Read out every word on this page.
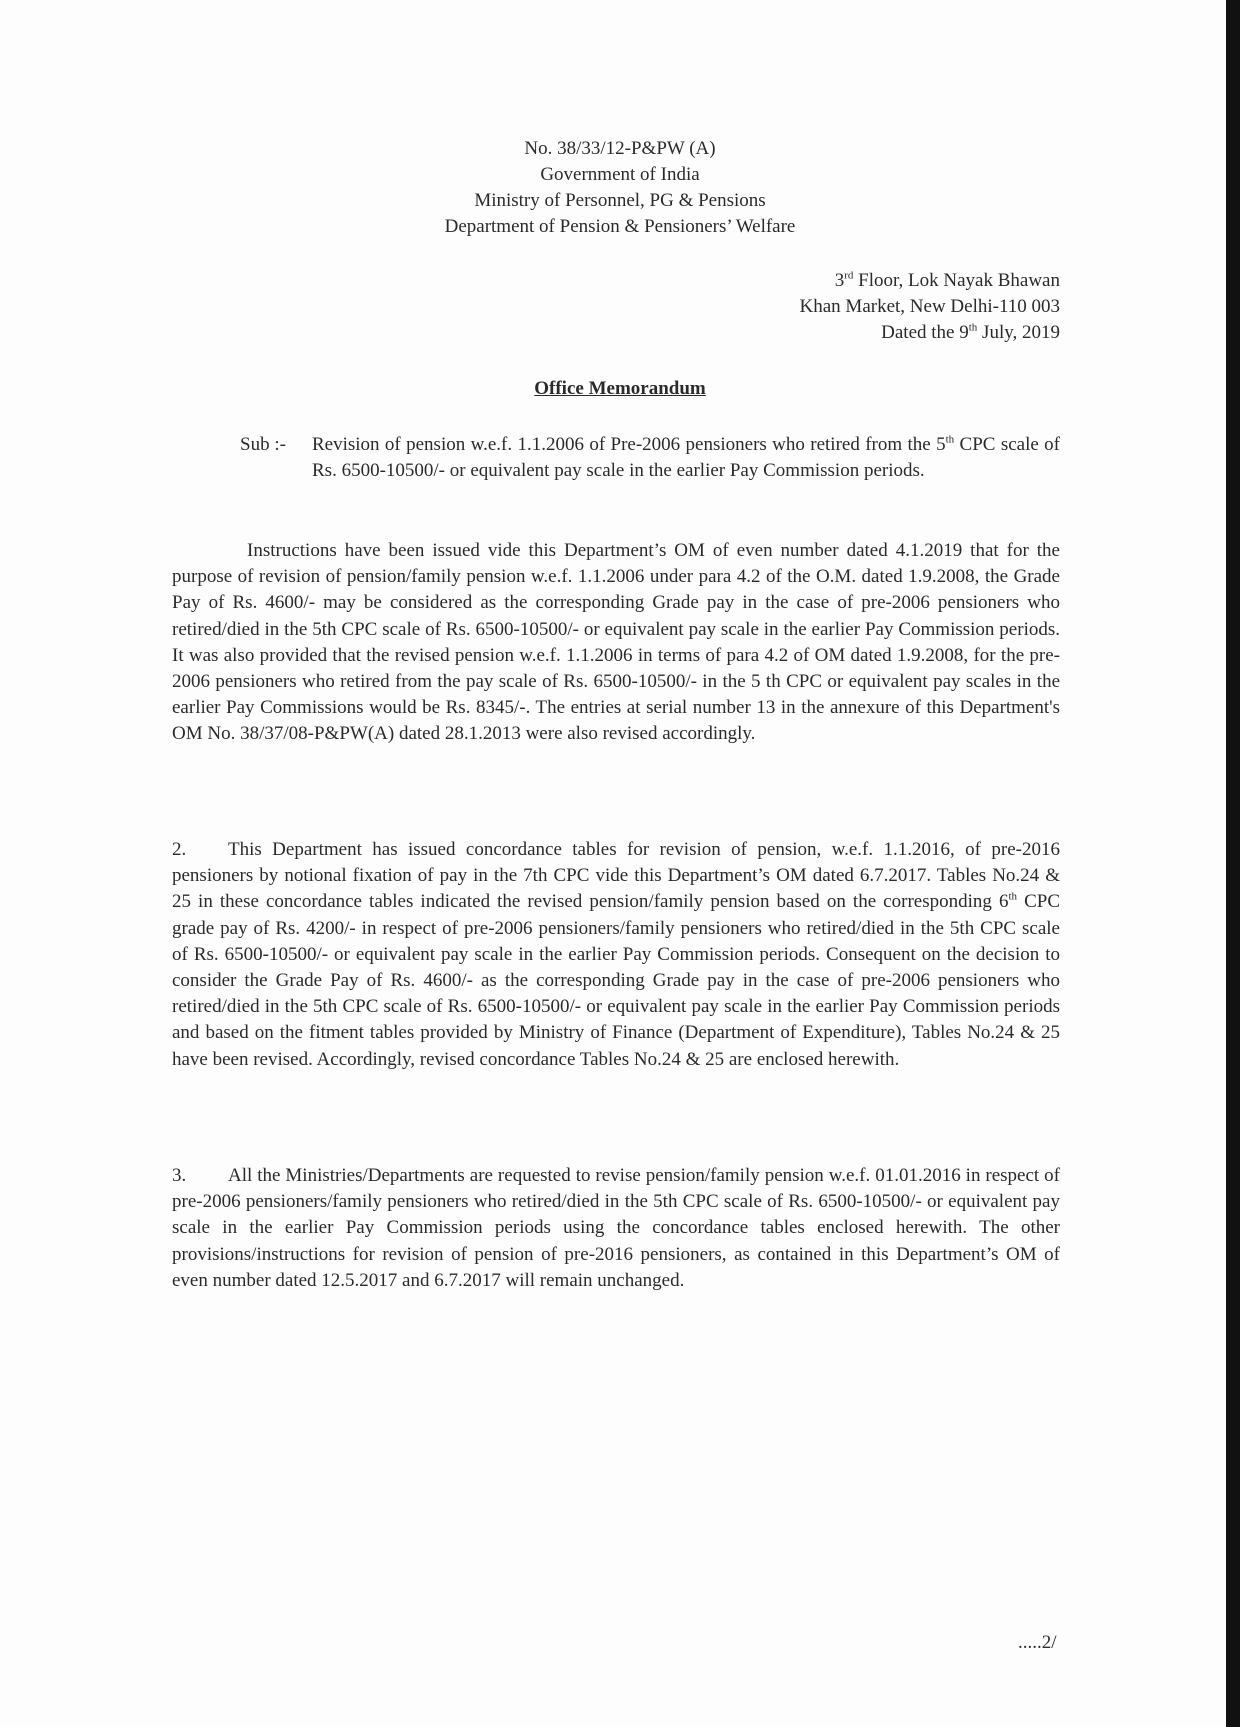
No. 38/33/12-P&PW (A)
Government of India
Ministry of Personnel, PG & Pensions
Department of Pension & Pensioners’ Welfare
3rd Floor, Lok Nayak Bhawan
Khan Market, New Delhi-110 003
Dated the 9th July, 2019
Office Memorandum
Sub :-	Revision of pension w.e.f. 1.1.2006 of Pre-2006 pensioners who retired from the 5th CPC scale of Rs. 6500-10500/- or equivalent pay scale in the earlier Pay Commission periods.
Instructions have been issued vide this Department’s OM of even number dated 4.1.2019 that for the purpose of revision of pension/family pension w.e.f. 1.1.2006 under para 4.2 of the O.M. dated 1.9.2008, the Grade Pay of Rs. 4600/- may be considered as the corresponding Grade pay in the case of pre-2006 pensioners who retired/died in the 5th CPC scale of Rs. 6500-10500/- or equivalent pay scale in the earlier Pay Commission periods. It was also provided that the revised pension w.e.f. 1.1.2006 in terms of para 4.2 of OM dated 1.9.2008, for the pre-2006 pensioners who retired from the pay scale of Rs. 6500-10500/- in the 5 th CPC or equivalent pay scales in the earlier Pay Commissions would be Rs. 8345/-. The entries at serial number 13 in the annexure of this Department's OM No. 38/37/08-P&PW(A) dated 28.1.2013 were also revised accordingly.
2. This Department has issued concordance tables for revision of pension, w.e.f. 1.1.2016, of pre-2016 pensioners by notional fixation of pay in the 7th CPC vide this Department’s OM dated 6.7.2017. Tables No.24 & 25 in these concordance tables indicated the revised pension/family pension based on the corresponding 6th CPC grade pay of Rs. 4200/- in respect of pre-2006 pensioners/family pensioners who retired/died in the 5th CPC scale of Rs. 6500-10500/- or equivalent pay scale in the earlier Pay Commission periods. Consequent on the decision to consider the Grade Pay of Rs. 4600/- as the corresponding Grade pay in the case of pre-2006 pensioners who retired/died in the 5th CPC scale of Rs. 6500-10500/- or equivalent pay scale in the earlier Pay Commission periods and based on the fitment tables provided by Ministry of Finance (Department of Expenditure), Tables No.24 & 25 have been revised. Accordingly, revised concordance Tables No.24 & 25 are enclosed herewith.
3. All the Ministries/Departments are requested to revise pension/family pension w.e.f. 01.01.2016 in respect of pre-2006 pensioners/family pensioners who retired/died in the 5th CPC scale of Rs. 6500-10500/- or equivalent pay scale in the earlier Pay Commission periods using the concordance tables enclosed herewith. The other provisions/instructions for revision of pension of pre-2016 pensioners, as contained in this Department’s OM of even number dated 12.5.2017 and 6.7.2017 will remain unchanged.
.....2/
